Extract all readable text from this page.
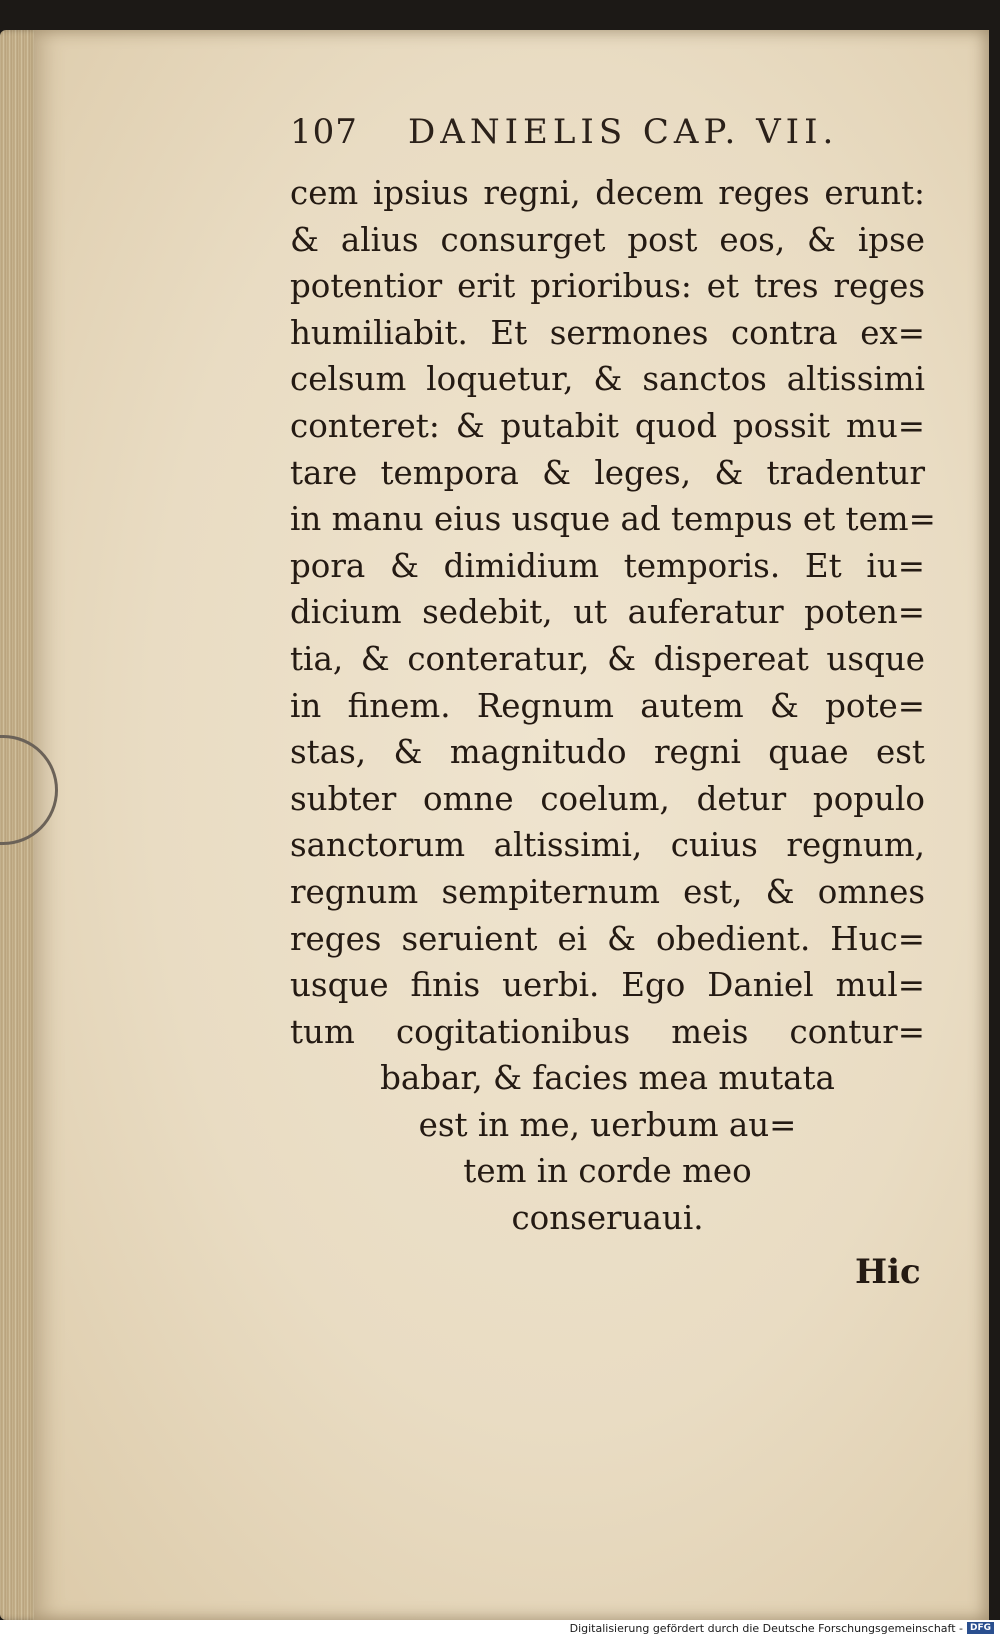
107 DANIELIS CAP. VII.
cem ipsius regni, decem reges erunt:
& alius consurget post eos, & ipse
potentior erit prioribus: et tres reges
humiliabit. Et sermones contra ex=
celsum loquetur, & sanctos altissimi
conteret: & putabit quod possit mu=
tare tempora & leges, & tradentur
in manu eius usque ad tempus et tem=
pora & dimidium temporis. Et iu=
dicium sedebit, ut auferatur poten=
tia, & conteratur, & dispereat usque
in finem. Regnum autem & pote=
stas, & magnitudo regni quae est
subter omne coelum, detur populo
sanctorum altissimi, cuius regnum,
regnum sempiternum est, & omnes
reges seruient ei & obedient. Huc=
usque finis uerbi. Ego Daniel mul=
tum cogitationibus meis contur=
babar, & facies mea mutata
est in me, uerbum au=
tem in corde meo
conseruaui.
Hic
Digitalisierung gefördert durch die Deutsche Forschungsgemeinschaft - DFG
